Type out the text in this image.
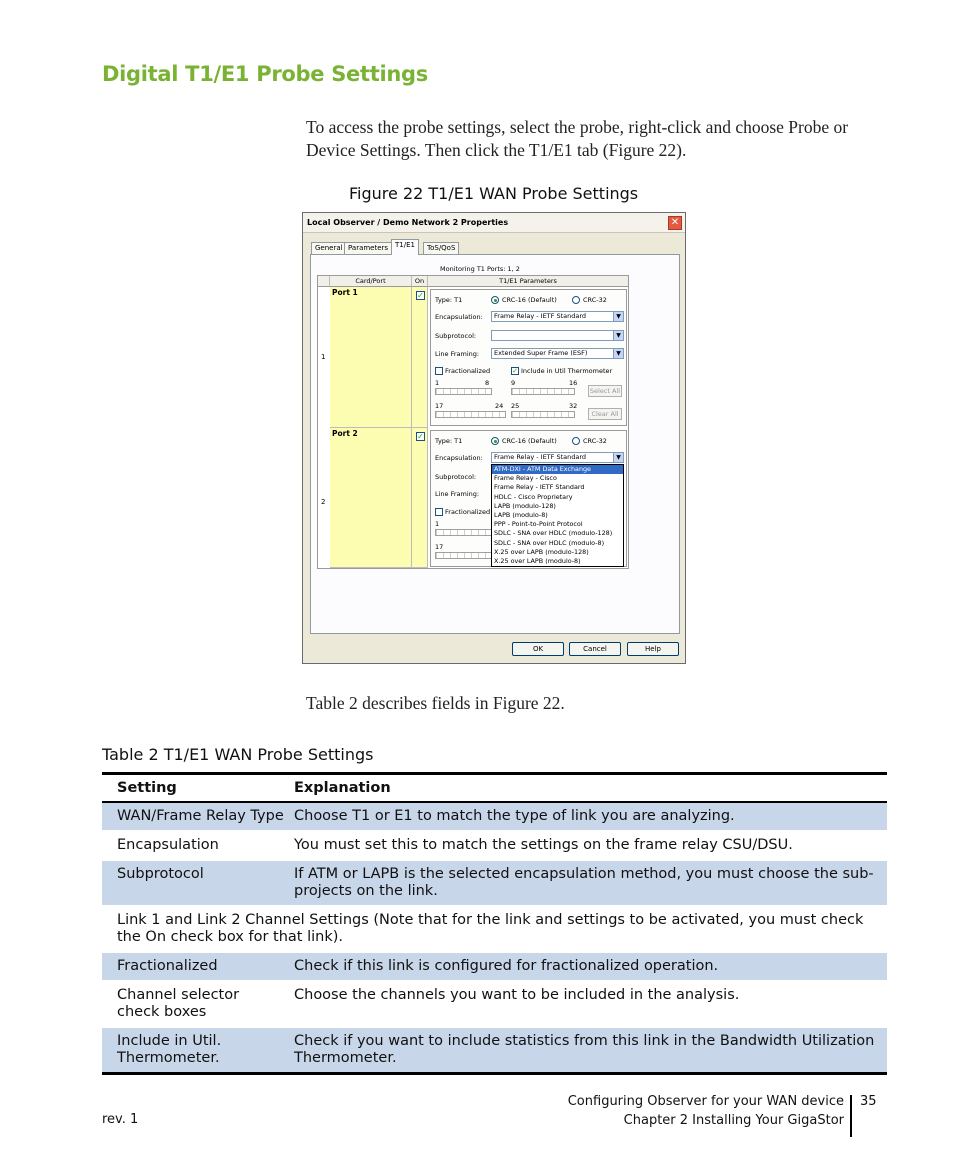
Digital T1/E1 Probe Settings
To access the probe settings, select the probe, right-click and choose Probe or Device Settings. Then click the T1/E1 tab (Figure 22).
Figure 22 T1/E1 WAN Probe Settings
Local Observer / Demo Network 2 Properties	✕
General Parameters T1/E1	ToS/QoS
Monitoring T1 Ports: 1, 2
Card/Port	On	T1/E1 Parameters
1
Port 1	✓ Type: T1	CRC-16 (Default)	CRC-32
Encapsulation:	Frame Relay - IETF Standard	▼
Subprotocol:	▼
Line Framing:	Extended Super Frame (ESF)	▼
Fractionalized	✓ Include in Util Thermometer
1	8	9	16
Select All
17	24 25	32
Clear All
2
Port 2	✓ Type: T1	CRC-16 (Default)	CRC-32
Encapsulation:	Frame Relay - IETF Standard	▼
Subprotocol:
Line Framing:
Fractionalized
1
17
ATM-DXI - ATM Data Exchange
Frame Relay - Cisco
Frame Relay - IETF Standard
HDLC - Cisco Proprietary
LAPB (modulo-128)
LAPB (modulo-8)
PPP - Point-to-Point Protocol
SDLC - SNA over HDLC (modulo-128)
SDLC - SNA over HDLC (modulo-8)
X.25 over LAPB (modulo-128)
X.25 over LAPB (modulo-8)
OK	Cancel	Help
Table 2 describes fields in Figure 22.
Table 2 T1/E1 WAN Probe Settings
Setting	Explanation
WAN/Frame Relay Type	Choose T1 or E1 to match the type of link you are analyzing.
Encapsulation	You must set this to match the settings on the frame relay CSU/DSU.
Subprotocol	If ATM or LAPB is the selected encapsulation method, you must choose the sub-projects on the link.
Link 1 and Link 2 Channel Settings (Note that for the link and settings to be activated, you must check the On check box for that link).	
Fractionalized	Check if this link is configured for fractionalized operation.
Channel selector check boxes	Choose the channels you want to be included in the analysis.
Include in Util. Thermometer.	Check if you want to include statistics from this link in the Bandwidth Utilization Thermometer.
Configuring Observer for your WAN device
Chapter 2 Installing Your GigaStor
35
rev. 1
